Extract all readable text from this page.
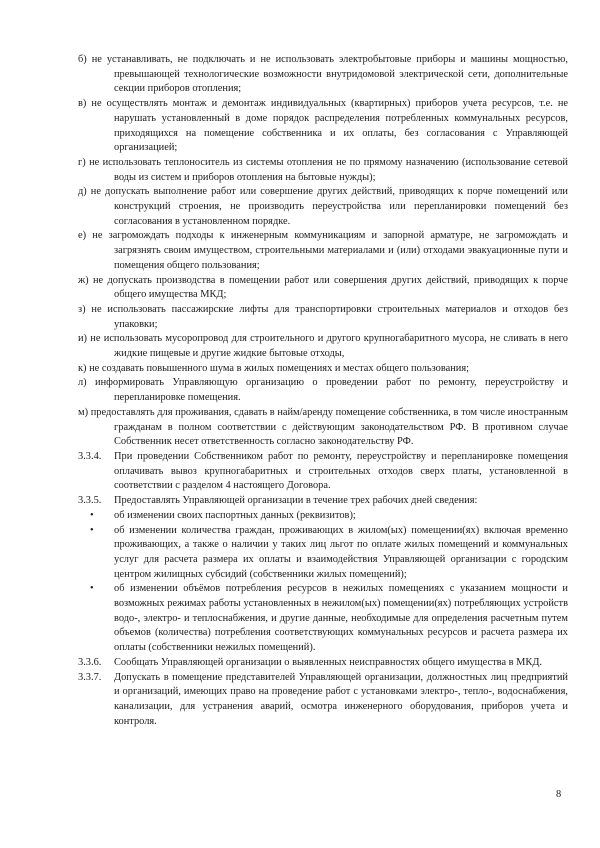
б) не устанавливать, не подключать и не использовать электробытовые приборы и машины мощностью, превышающей технологические возможности внутридомовой электрической сети, дополнительные секции приборов отопления;
в) не осуществлять монтаж и демонтаж индивидуальных (квартирных) приборов учета ресурсов, т.е. не нарушать установленный в доме порядок распределения потребленных коммунальных ресурсов, приходящихся на помещение собственника и их оплаты, без согласования с Управляющей организацией;
г) не использовать теплоноситель из системы отопления не по прямому назначению (использование сетевой воды из систем и приборов отопления на бытовые нужды);
д) не допускать выполнение работ или совершение других действий, приводящих к порче помещений или конструкций строения, не производить переустройства или перепланировки помещений без согласования в установленном порядке.
е) не загромождать подходы к инженерным коммуникациям и запорной арматуре, не загромождать и загрязнять своим имуществом, строительными материалами и (или) отходами эвакуационные пути и помещения общего пользования;
ж) не допускать производства в помещении работ или совершения других действий, приводящих к порче общего имущества МКД;
з) не использовать пассажирские лифты для транспортировки строительных материалов и отходов без упаковки;
и) не использовать мусоропровод для строительного и другого крупногабаритного мусора, не сливать в него жидкие пищевые и другие жидкие бытовые отходы,
к) не создавать повышенного шума в жилых помещениях и местах общего пользования;
л) информировать Управляющую организацию о проведении работ по ремонту, переустройству и перепланировке помещения.
м) предоставлять для проживания, сдавать в найм/аренду помещение собственника, в том числе иностранным гражданам в полном соответствии с действующим законодательством РФ. В противном случае Собственник несет ответственность согласно законодательству РФ.
3.3.4. При проведении Собственником работ по ремонту, переустройству и перепланировке помещения оплачивать вывоз крупногабаритных и строительных отходов сверх платы, установленной в соответствии с разделом 4 настоящего Договора.
3.3.5. Предоставлять Управляющей организации в течение трех рабочих дней сведения:
• об изменении своих паспортных данных (реквизитов);
• об изменении количества граждан, проживающих в жилом(ых) помещении(ях) включая временно проживающих, а также о наличии у таких лиц льгот по оплате жилых помещений и коммунальных услуг для расчета размера их оплаты и взаимодействия Управляющей организации с городским центром жилищных субсидий (собственники жилых помещений);
• об изменении объёмов потребления ресурсов в нежилых помещениях с указанием мощности и возможных режимах работы установленных в нежилом(ых) помещении(ях) потребляющих устройств водо-, электро- и теплоснабжения, и другие данные, необходимые для определения расчетным путем объемов (количества) потребления соответствующих коммунальных ресурсов и расчета размера их оплаты (собственники нежилых помещений).
3.3.6. Сообщать Управляющей организации о выявленных неисправностях общего имущества в МКД.
3.3.7. Допускать в помещение представителей Управляющей организации, должностных лиц предприятий и организаций, имеющих право на проведение работ с установками электро-, тепло-, водоснабжения, канализации, для устранения аварий, осмотра инженерного оборудования, приборов учета и контроля.
8
